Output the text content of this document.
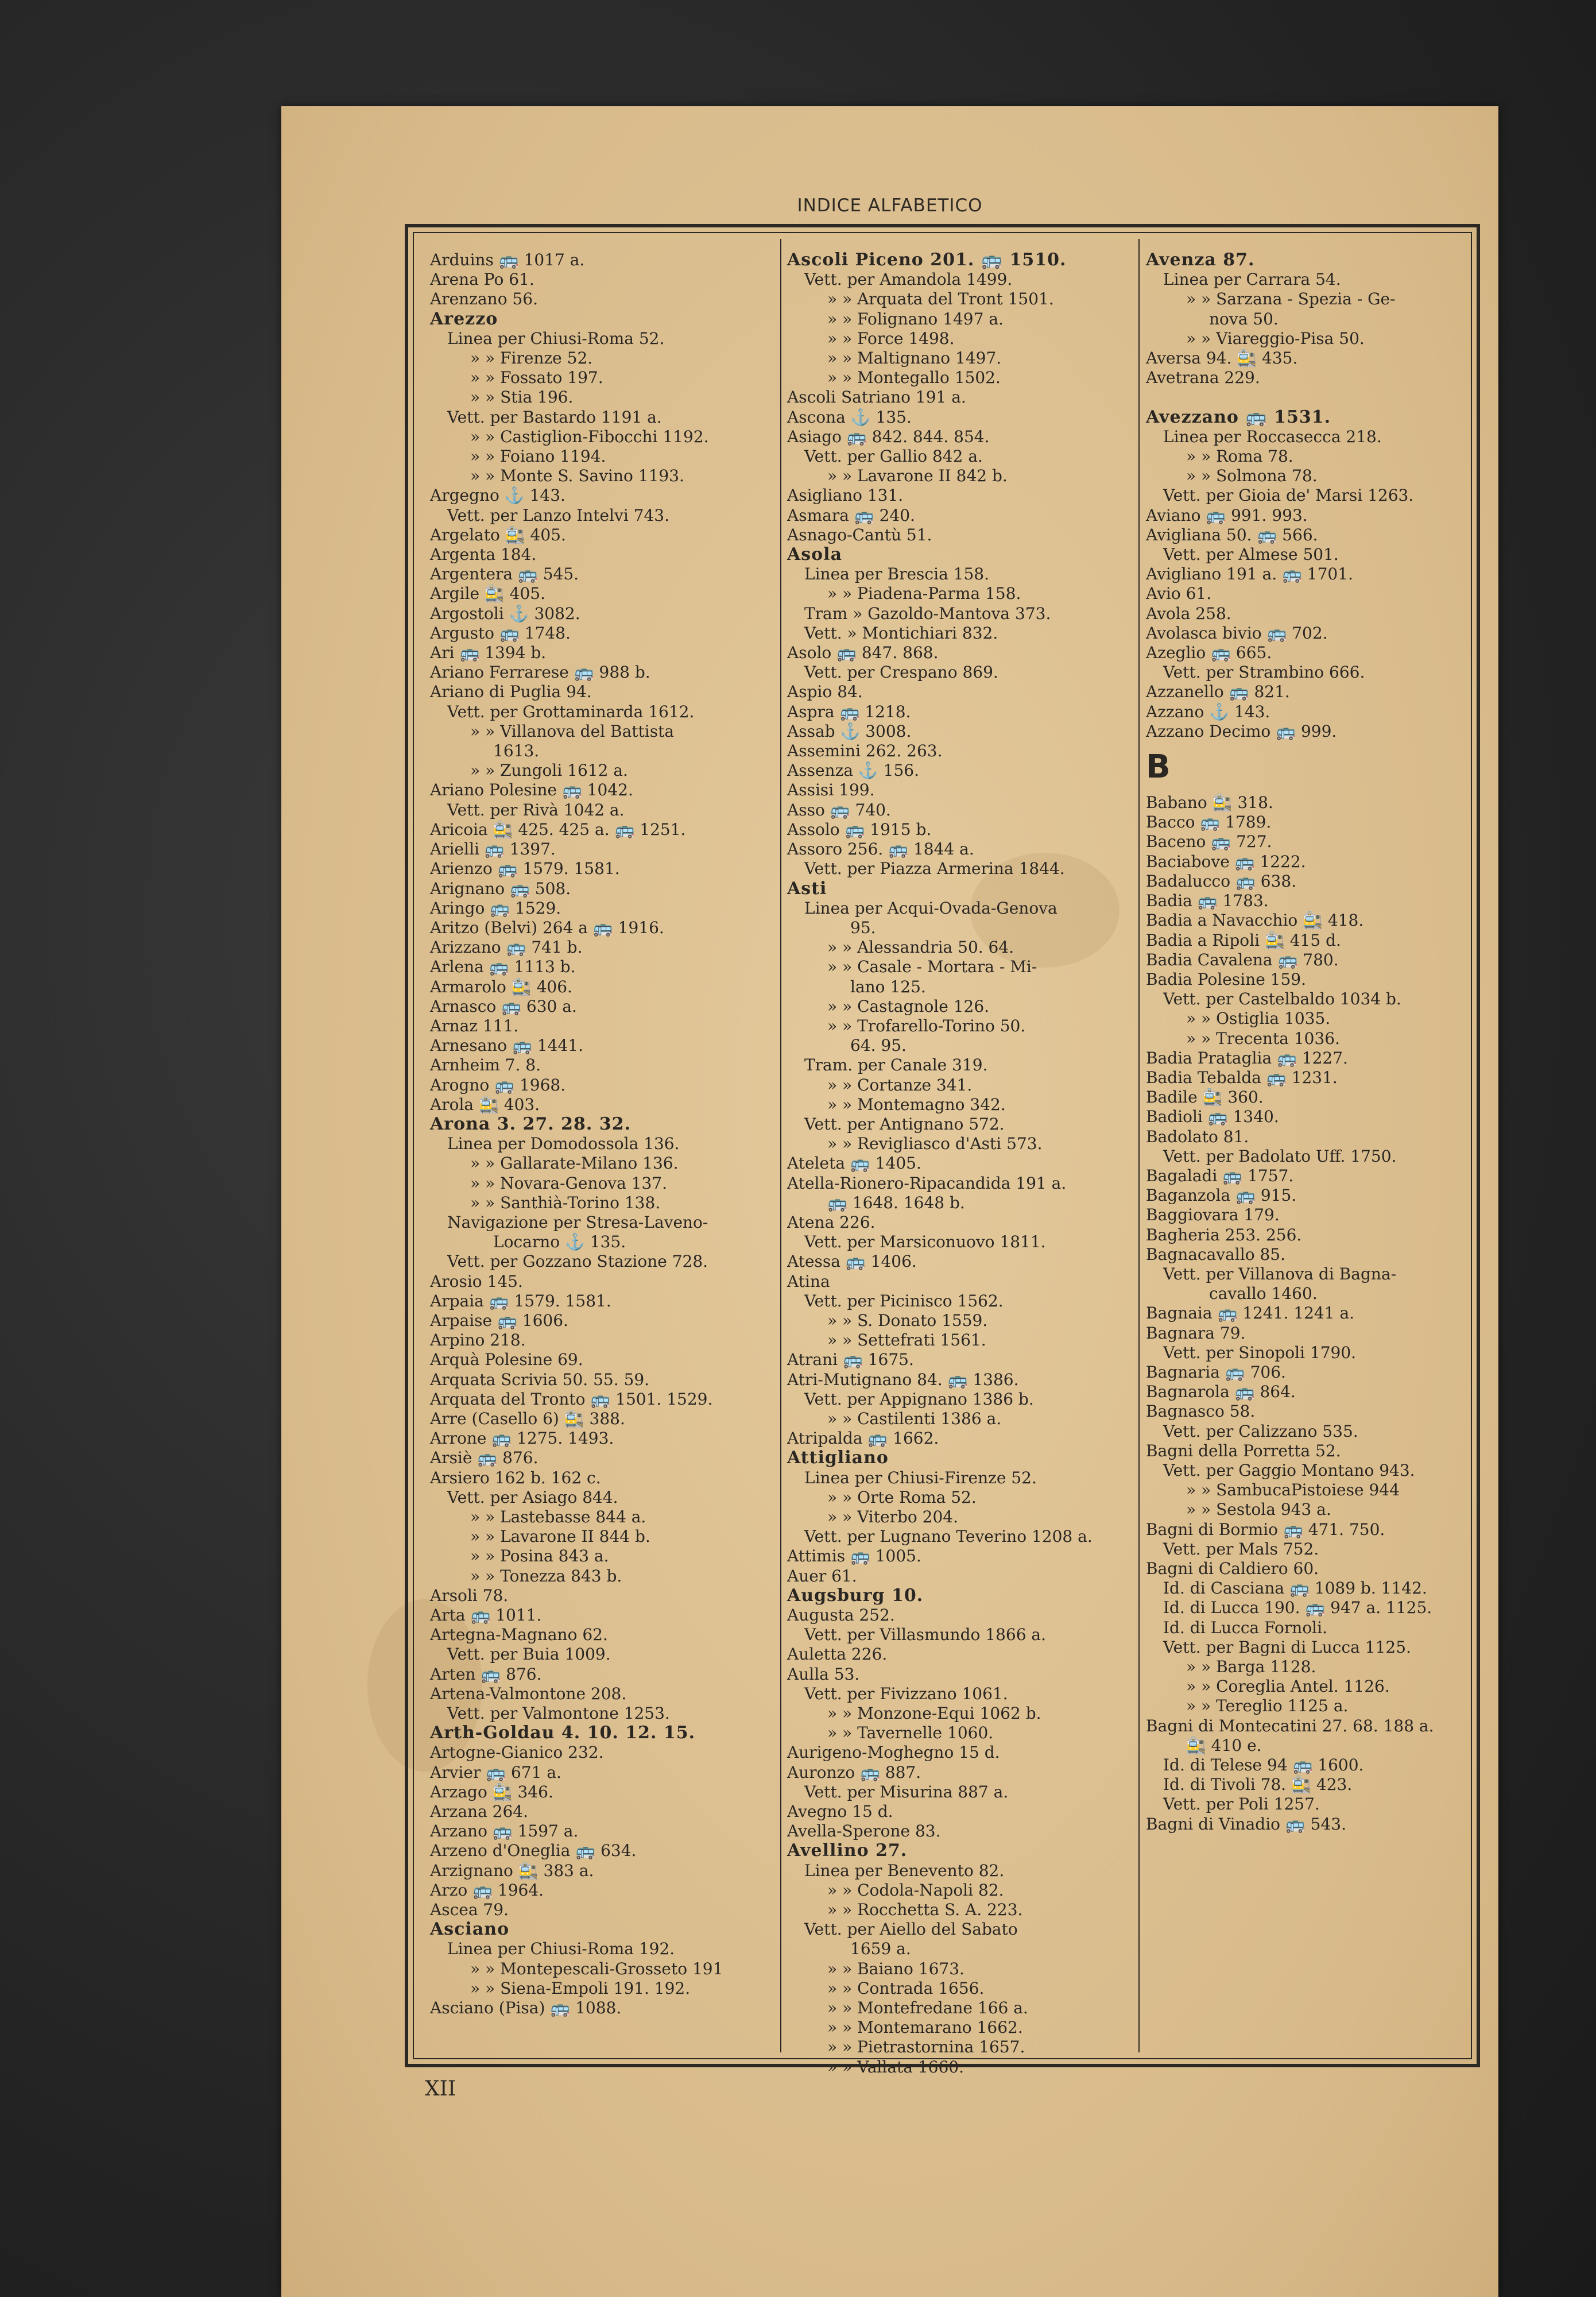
INDICE ALFABETICO
Arduins 🚌 1017 a.
Arena Po 61.
Arenzano 56.
Arezzo
Linea per Chiusi-Roma 52.
» » Firenze 52.
» » Fossato 197.
» » Stia 196.
Vett. per Bastardo 1191 a.
» » Castiglion-Fibocchi 1192.
» » Foiano 1194.
» » Monte S. Savino 1193.
Argegno ⚓ 143.
Vett. per Lanzo Intelvi 743.
Argelato 🚉 405.
Argenta 184.
Argentera 🚌 545.
Argile 🚉 405.
Argostoli ⚓ 3082.
Argusto 🚌 1748.
Ari 🚌 1394 b.
Ariano Ferrarese 🚌 988 b.
Ariano di Puglia 94.
Vett. per Grottaminarda 1612.
» » Villanova del Battista
1613.
» » Zungoli 1612 a.
Ariano Polesine 🚌 1042.
Vett. per Rivà 1042 a.
Aricoia 🚉 425. 425 a. 🚌 1251.
Arielli 🚌 1397.
Arienzo 🚌 1579. 1581.
Arignano 🚌 508.
Aringo 🚌 1529.
Aritzo (Belvi) 264 a 🚌 1916.
Arizzano 🚌 741 b.
Arlena 🚌 1113 b.
Armarolo 🚉 406.
Arnasco 🚌 630 a.
Arnaz 111.
Arnesano 🚌 1441.
Arnheim 7. 8.
Arogno 🚌 1968.
Arola 🚉 403.
Arona 3. 27. 28. 32.
Linea per Domodossola 136.
» » Gallarate-Milano 136.
» » Novara-Genova 137.
» » Santhià-Torino 138.
Navigazione per Stresa-Laveno-
Locarno ⚓ 135.
Vett. per Gozzano Stazione 728.
Arosio 145.
Arpaia 🚌 1579. 1581.
Arpaise 🚌 1606.
Arpino 218.
Arquà Polesine 69.
Arquata Scrivia 50. 55. 59.
Arquata del Tronto 🚌 1501. 1529.
Arre (Casello 6) 🚉 388.
Arrone 🚌 1275. 1493.
Arsiè 🚌 876.
Arsiero 162 b. 162 c.
Vett. per Asiago 844.
» » Lastebasse 844 a.
» » Lavarone II 844 b.
» » Posina 843 a.
» » Tonezza 843 b.
Arsoli 78.
Arta 🚌 1011.
Artegna-Magnano 62.
Vett. per Buia 1009.
Arten 🚌 876.
Artena-Valmontone 208.
Vett. per Valmontone 1253.
Arth-Goldau 4. 10. 12. 15.
Artogne-Gianico 232.
Arvier 🚌 671 a.
Arzago 🚉 346.
Arzana 264.
Arzano 🚌 1597 a.
Arzeno d'Oneglia 🚌 634.
Arzignano 🚉 383 a.
Arzo 🚌 1964.
Ascea 79.
Asciano
Linea per Chiusi-Roma 192.
» » Montepescali-Grosseto 191
» » Siena-Empoli 191. 192.
Asciano (Pisa) 🚌 1088.
Ascoli Piceno 201. 🚌 1510.
Vett. per Amandola 1499.
» » Arquata del Tront 1501.
» » Folignano 1497 a.
» » Force 1498.
» » Maltignano 1497.
» » Montegallo 1502.
Ascoli Satriano 191 a.
Ascona ⚓ 135.
Asiago 🚌 842. 844. 854.
Vett. per Gallio 842 a.
» » Lavarone II 842 b.
Asigliano 131.
Asmara 🚌 240.
Asnago-Cantù 51.
Asola
Linea per Brescia 158.
» » Piadena-Parma 158.
Tram » Gazoldo-Mantova 373.
Vett. » Montichiari 832.
Asolo 🚌 847. 868.
Vett. per Crespano 869.
Aspio 84.
Aspra 🚌 1218.
Assab ⚓ 3008.
Assemini 262. 263.
Assenza ⚓ 156.
Assisi 199.
Asso 🚌 740.
Assolo 🚌 1915 b.
Assoro 256. 🚌 1844 a.
Vett. per Piazza Armerina 1844.
Asti
Linea per Acqui-Ovada-Genova
95.
» » Alessandria 50. 64.
» » Casale - Mortara - Mi-
lano 125.
» » Castagnole 126.
» » Trofarello-Torino 50.
64. 95.
Tram. per Canale 319.
» » Cortanze 341.
» » Montemagno 342.
Vett. per Antignano 572.
» » Revigliasco d'Asti 573.
Ateleta 🚌 1405.
Atella-Rionero-Ripacandida 191 a.
🚌 1648. 1648 b.
Atena 226.
Vett. per Marsiconuovo 1811.
Atessa 🚌 1406.
Atina
Vett. per Picinisco 1562.
» » S. Donato 1559.
» » Settefrati 1561.
Atrani 🚌 1675.
Atri-Mutignano 84. 🚌 1386.
Vett. per Appignano 1386 b.
» » Castilenti 1386 a.
Atripalda 🚌 1662.
Attigliano
Linea per Chiusi-Firenze 52.
» » Orte Roma 52.
» » Viterbo 204.
Vett. per Lugnano Teverino 1208 a.
Attimis 🚌 1005.
Auer 61.
Augsburg 10.
Augusta 252.
Vett. per Villasmundo 1866 a.
Auletta 226.
Aulla 53.
Vett. per Fivizzano 1061.
» » Monzone-Equi 1062 b.
» » Tavernelle 1060.
Aurigeno-Moghegno 15 d.
Auronzo 🚌 887.
Vett. per Misurina 887 a.
Avegno 15 d.
Avella-Sperone 83.
Avellino 27.
Linea per Benevento 82.
» » Codola-Napoli 82.
» » Rocchetta S. A. 223.
Vett. per Aiello del Sabato
1659 a.
» » Baiano 1673.
» » Contrada 1656.
» » Montefredane 166 a.
» » Montemarano 1662.
» » Pietrastornina 1657.
» » Vallata 1660.
Avenza 87.
Linea per Carrara 54.
» » Sarzana - Spezia - Ge-
nova 50.
» » Viareggio-Pisa 50.
Aversa 94. 🚉 435.
Avetrana 229.

Avezzano 🚌 1531.
Linea per Roccasecca 218.
» » Roma 78.
» » Solmona 78.
Vett. per Gioia de' Marsi 1263.
Aviano 🚌 991. 993.
Avigliana 50. 🚌 566.
Vett. per Almese 501.
Avigliano 191 a. 🚌 1701.
Avio 61.
Avola 258.
Avolasca bivio 🚌 702.
Azeglio 🚌 665.
Vett. per Strambino 666.
Azzanello 🚌 821.
Azzano ⚓ 143.
Azzano Decimo 🚌 999.
B
Babano 🚉 318.
Bacco 🚌 1789.
Baceno 🚌 727.
Baciabove 🚌 1222.
Badalucco 🚌 638.
Badia 🚌 1783.
Badia a Navacchio 🚉 418.
Badia a Ripoli 🚉 415 d.
Badia Cavalena 🚌 780.
Badia Polesine 159.
Vett. per Castelbaldo 1034 b.
» » Ostiglia 1035.
» » Trecenta 1036.
Badia Prataglia 🚌 1227.
Badia Tebalda 🚌 1231.
Badile 🚉 360.
Badioli 🚌 1340.
Badolato 81.
Vett. per Badolato Uff. 1750.
Bagaladi 🚌 1757.
Baganzola 🚌 915.
Baggiovara 179.
Bagheria 253. 256.
Bagnacavallo 85.
Vett. per Villanova di Bagna-
cavallo 1460.
Bagnaia 🚌 1241. 1241 a.
Bagnara 79.
Vett. per Sinopoli 1790.
Bagnaria 🚌 706.
Bagnarola 🚌 864.
Bagnasco 58.
Vett. per Calizzano 535.
Bagni della Porretta 52.
Vett. per Gaggio Montano 943.
» » SambucaPistoiese 944
» » Sestola 943 a.
Bagni di Bormio 🚌 471. 750.
Vett. per Mals 752.
Bagni di Caldiero 60.
Id. di Casciana 🚌 1089 b. 1142.
Id. di Lucca 190. 🚌 947 a. 1125.
Id. di Lucca Fornoli.
Vett. per Bagni di Lucca 1125.
» » Barga 1128.
» » Coreglia Antel. 1126.
» » Tereglio 1125 a.
Bagni di Montecatini 27. 68. 188 a.
🚉 410 e.
Id. di Telese 94 🚌 1600.
Id. di Tivoli 78. 🚉 423.
Vett. per Poli 1257.
Bagni di Vinadio 🚌 543.
XII
